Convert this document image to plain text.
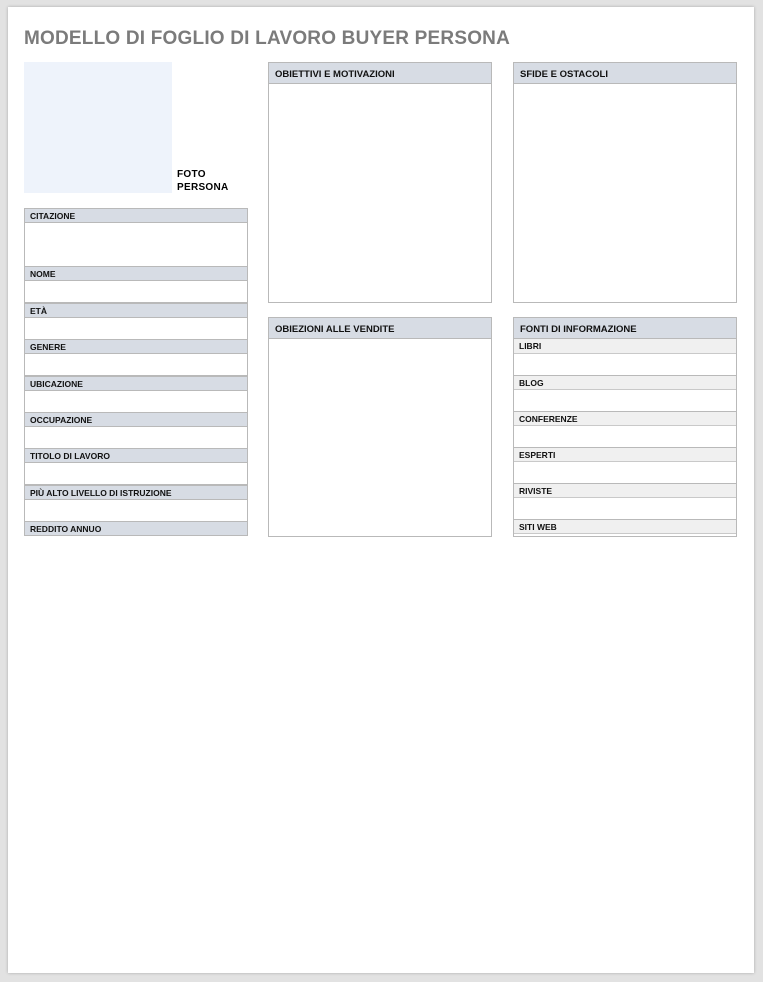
MODELLO DI FOGLIO DI LAVORO BUYER PERSONA
FOTO
PERSONA
CITAZIONE
NOME
ETÀ
GENERE
UBICAZIONE
OCCUPAZIONE
TITOLO DI LAVORO
PIÙ ALTO LIVELLO DI ISTRUZIONE
REDDITO ANNUO
OBIETTIVI E MOTIVAZIONI
OBIEZIONI ALLE VENDITE
SFIDE E OSTACOLI
FONTI DI INFORMAZIONE
LIBRI
BLOG
CONFERENZE
ESPERTI
RIVISTE
SITI WEB
